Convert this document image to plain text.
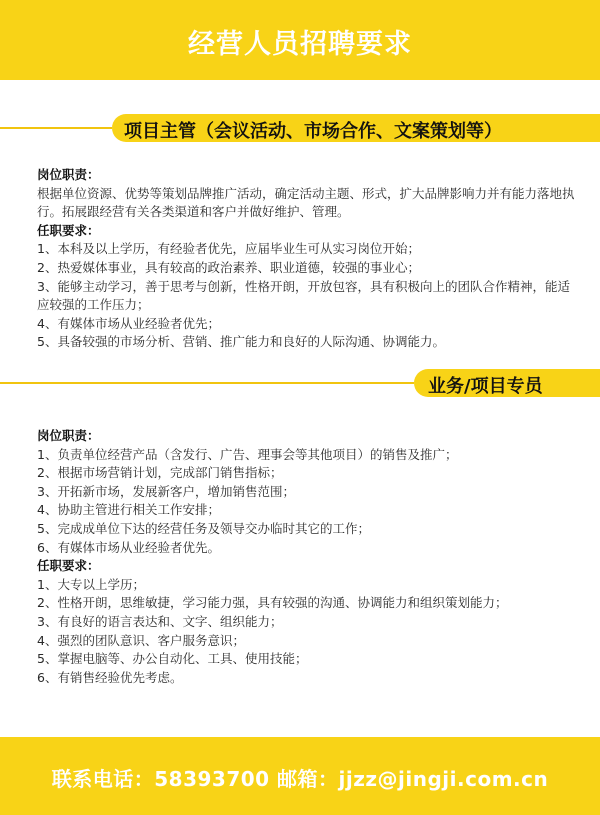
经营人员招聘要求
项目主管（会议活动、市场合作、文案策划等）
岗位职责：
根据单位资源、优势等策划品牌推广活动，确定活动主题、形式，扩大品牌影响力并有能力落地执行。拓展跟经营有关各类渠道和客户并做好维护、管理。
任职要求：
1、本科及以上学历，有经验者优先，应届毕业生可从实习岗位开始；
2、热爱媒体事业，具有较高的政治素养、职业道德，较强的事业心；
3、能够主动学习，善于思考与创新，性格开朗，开放包容，具有积极向上的团队合作精神，能适应较强的工作压力；
4、有媒体市场从业经验者优先；
5、具备较强的市场分析、营销、推广能力和良好的人际沟通、协调能力。
业务/项目专员
岗位职责：
1、负责单位经营产品（含发行、广告、理事会等其他项目）的销售及推广；
2、根据市场营销计划，完成部门销售指标；
3、开拓新市场，发展新客户，增加销售范围；
4、协助主管进行相关工作安排；
5、完成成单位下达的经营任务及领导交办临时其它的工作；
6、有媒体市场从业经验者优先。
任职要求：
1、大专以上学历；
2、性格开朗，思维敏捷，学习能力强，具有较强的沟通、协调能力和组织策划能力；
3、有良好的语言表达和、文字、组织能力；
4、强烈的团队意识、客户服务意识；
5、掌握电脑等、办公自动化、工具、使用技能；
6、有销售经验优先考虑。
联系电话：58393700 邮箱：jjzz@jingji.com.cn
